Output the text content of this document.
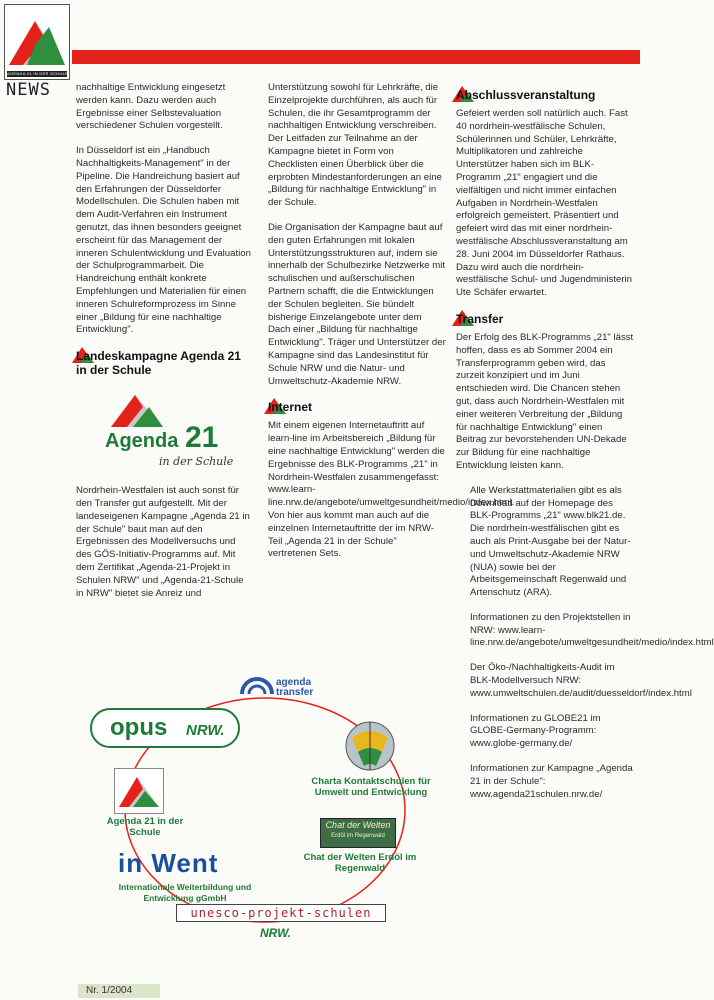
AGENDA 21 IN DER SCHULE
NEWS	nachhaltige Entwicklung eingesetzt werden kann. Dazu werden auch Ergebnisse einer Selbstevaluation verschiedener Schulen vorgestellt.

In Düsseldorf ist ein „Handbuch Nachhaltigkeits-Management" in der Pipeline. Die Handreichung basiert auf den Erfahrungen der Düsseldorfer Modellschulen. Die Schulen haben mit dem Audit-Verfahren ein Instrument genutzt, das ihnen besonders geeignet erscheint für das Management der inneren Schulentwicklung und Evaluation der Schulprogrammarbeit. Die Handreichung enthält konkrete Empfehlungen und Materialien für einen inneren Schulreformprozess im Sinne einer „Bildung für eine nachhaltige Entwicklung".

Landeskampagne Agenda 21 in der Schule
Agenda 21
in der Schule

Nordrhein-Westfalen ist auch sonst für den Transfer gut aufgestellt. Mit der landeseigenen Kampagne „Agenda 21 in der Schule" baut man auf den Ergebnissen des Modellversuchs und des GÖS-Initiativ-Programms auf. Mit dem Zertifikat „Agenda-21-Projekt in Schulen NRW" und „Agenda-21-Schule in NRW" bietet sie Anreiz und

Unterstützung sowohl für Lehrkräfte, die Einzelprojekte durchführen, als auch für Schulen, die ihr Gesamtprogramm der nachhaltigen Entwicklung verschreiben. Der Leitfaden zur Teilnahme an der Kampagne bietet in Form von Checklisten einen Überblick über die erprobten Mindestanforderungen an eine „Bildung für nachhaltige Entwicklung" in der Schule.

Die Organisation der Kampagne baut auf den guten Erfahrungen mit lokalen Unterstützungsstrukturen auf, indem sie innerhalb der Schulbezirke Netzwerke mit schulischen und außerschulischen Partnern schafft, die die Entwicklungen der Schulen begleiten. Sie bündelt bisherige Einzelangebote unter dem Dach einer „Bildung für nachhaltige Entwicklung". Träger und Unterstützer der Kampagne sind das Landesinstitut für Schule NRW und die Natur- und Umweltschutz-Akademie NRW.

Internet

Mit einem eigenen Internetauftritt auf learn-line im Arbeitsbereich „Bildung für eine nachhaltige Entwicklung" werden die Ergebnisse des BLK-Programms „21" in Nordrhein-Westfalen zusammengefasst: www.learn-line.nrw.de/angebote/umweltgesundheit/medio/index.html. Von hier aus kommt man auch auf die einzelnen Internetauftritte der im NRW-Teil „Agenda 21 in der Schule" vertretenen Sets.

Abschlussveranstaltung

Gefeiert werden soll natürlich auch. Fast 40 nordrhein-westfälische Schulen, Schülerinnen und Schüler, Lehrkräfte, Multiplikatoren und zahlreiche Unterstützer haben sich im BLK-Programm „21" engagiert und die vielfältigen und nicht immer einfachen Aufgaben in Nordrhein-Westfalen erfolgreich gemeistert. Präsentiert und gefeiert wird das mit einer nordrhein-westfälische Abschlussveranstaltung am 28. Juni 2004 im Düsseldorfer Rathaus. Dazu wird auch die nordrhein-westfälische Schul- und Jugendministerin Ute Schäfer erwartet.

Transfer

Der Erfolg des BLK-Programms „21" lässt hoffen, dass es ab Sommer 2004 ein Transferprogramm geben wird, das zurzeit konzipiert und im Juni entschieden wird. Die Chancen stehen gut, dass auch Nordrhein-Westfalen mit einer weiteren Verbreitung der „Bildung für nachhaltige Entwicklung" einen Beitrag zur bevorstehenden UN-Dekade zur Bildung für eine nachhaltige Entwicklung leisten kann.

Alle Werkstattmaterialien gibt es als Download auf der Homepage des BLK-Programms „21" www.blk21.de. Die nordrhein-westfälischen gibt es auch als Print-Ausgabe bei der Natur- und Umweltschutz-Akademie NRW (NUA) sowie bei der Arbeitsgemeinschaft Regenwald und Artenschutz (ARA).

Informationen zu den Projektstellen in NRW: www.learn-line.nrw.de/angebote/umweltgesundheit/medio/index.html

Der Öko-/Nachhaltigkeits-Audit im BLK-Modellversuch NRW: www.umweltschulen.de/audit/duesseldorf/index.html

Informationen zu GLOBE21 im GLOBE-Germany-Programm: www.globe-germany.de/

Informationen zur Kampagne „Agenda 21 in der Schule": www.agenda21schulen.nrw.de/

opus NRW.
agenda
transfer
Charta Kontaktschulen für Umwelt und Entwicklung
Agenda 21 in der Schule
in Went
Internationale Weiterbildung und Entwicklung gGmbH
Chat der Welten
Erdöl im Regenwald
Chat der Welten Erdöl im Regenwald
unesco-projekt-schulen
NRW.
Nr. 1/2004
